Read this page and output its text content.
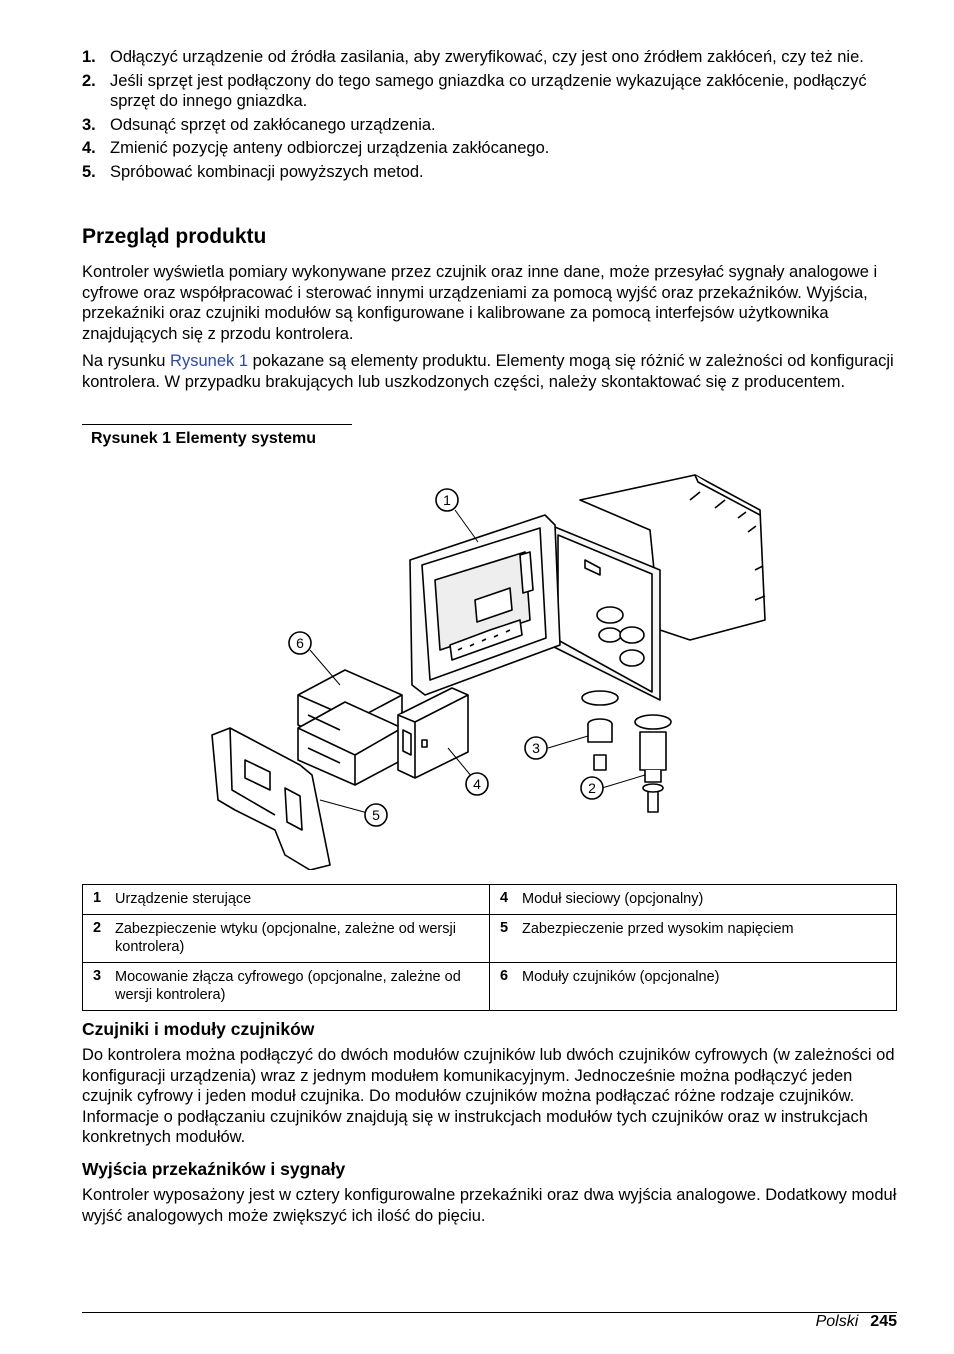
1. Odłączyć urządzenie od źródła zasilania, aby zweryfikować, czy jest ono źródłem zakłóceń, czy też nie.
2. Jeśli sprzęt jest podłączony do tego samego gniazdka co urządzenie wykazujące zakłócenie, podłączyć sprzęt do innego gniazdka.
3. Odsunąć sprzęt od zakłócanego urządzenia.
4. Zmienić pozycję anteny odbiorczej urządzenia zakłócanego.
5. Spróbować kombinacji powyższych metod.
Przegląd produktu

Kontroler wyświetla pomiary wykonywane przez czujnik oraz inne dane, może przesyłać sygnały analogowe i cyfrowe oraz współpracować i sterować innymi urządzeniami za pomocą wyjść oraz przekaźników. Wyjścia, przekaźniki oraz czujniki modułów są konfigurowane i kalibrowane za pomocą interfejsów użytkownika znajdujących się z przodu kontrolera.

Na rysunku Rysunek 1 pokazane są elementy produktu. Elementy mogą się różnić w zależności od konfiguracji kontrolera. W przypadku brakujących lub uszkodzonych części, należy skontaktować się z producentem.

Rysunek 1 Elementy systemu
1
6
3
4	2
5
1 Urządzenie sterujące	4 Moduł sieciowy (opcjonalny)
2 Zabezpieczenie wtyku (opcjonalne, zależne od wersji kontrolera)	5 Zabezpieczenie przed wysokim napięciem
3 Mocowanie złącza cyfrowego (opcjonalne, zależne od wersji kontrolera)	6 Moduły czujników (opcjonalne)
Czujniki i moduły czujników

Do kontrolera można podłączyć do dwóch modułów czujników lub dwóch czujników cyfrowych (w zależności od konfiguracji urządzenia) wraz z jednym modułem komunikacyjnym. Jednocześnie można podłączyć jeden czujnik cyfrowy i jeden moduł czujnika. Do modułów czujników można podłączać różne rodzaje czujników. Informacje o podłączaniu czujników znajdują się w instrukcjach modułów tych czujników oraz w instrukcjach konkretnych modułów.

Wyjścia przekaźników i sygnały

Kontroler wyposażony jest w cztery konfigurowalne przekaźniki oraz dwa wyjścia analogowe. Dodatkowy moduł wyjść analogowych może zwiększyć ich ilość do pięciu.

Polski 245
